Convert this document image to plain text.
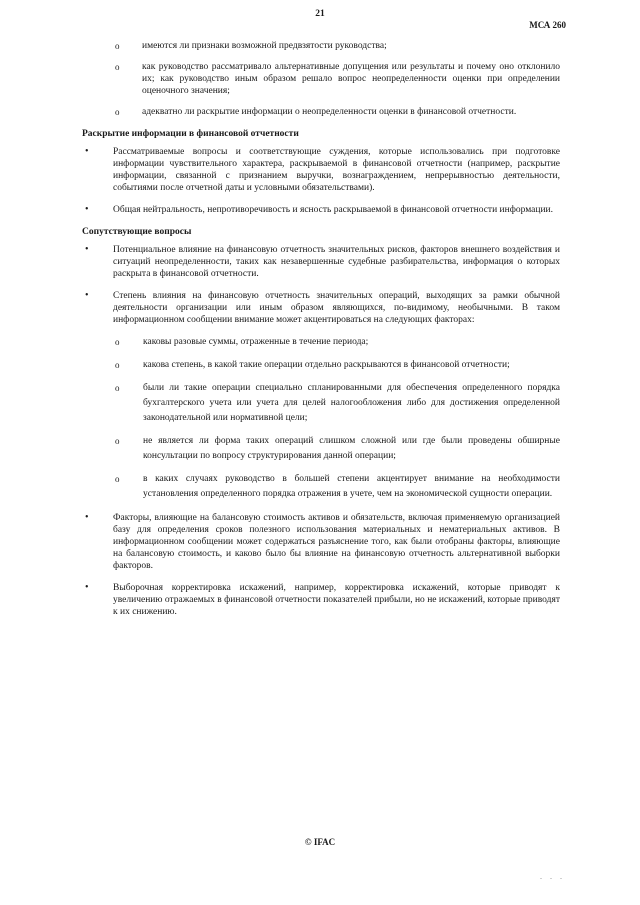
21
МСА 260
o имеются ли признаки возможной предвзятости руководства;
o как руководство рассматривало альтернативные допущения или результаты и почему оно отклонило их; как руководство иным образом решало вопрос неопределенности оценки при определении оценочного значения;
o адекватно ли раскрытие информации о неопределенности оценки в финансовой отчетности.
Раскрытие информации в финансовой отчетности
• Рассматриваемые вопросы и соответствующие суждения, которые использовались при подготовке информации чувствительного характера, раскрываемой в финансовой отчетности (например, раскрытие информации, связанной с признанием выручки, вознаграждением, непрерывностью деятельности, событиями после отчетной даты и условными обязательствами).
• Общая нейтральность, непротиворечивость и ясность раскрываемой в финансовой отчетности информации.
Сопутствующие вопросы
• Потенциальное влияние на финансовую отчетность значительных рисков, факторов внешнего воздействия и ситуаций неопределенности, таких как незавершенные судебные разбирательства, информация о которых раскрыта в финансовой отчетности.

• Степень влияния на финансовую отчетность значительных операций, выходящих за рамки обычной деятельности организации или иным образом являющихся, по-видимому, необычными. В таком информационном сообщении внимание может акцентироваться на следующих факторах:

o каковы разовые суммы, отраженные в течение периода;
o какова степень, в какой такие операции отдельно раскрываются в финансовой отчетности;
o были ли такие операции специально спланированными для обеспечения определенного порядка бухгалтерского учета или учета для целей налогообложения либо для достижения определенной законодательной или нормативной цели;
o не является ли форма таких операций слишком сложной или где были проведены обширные консультации по вопросу структурирования данной операции;
o в каких случаях руководство в большей степени акцентирует внимание на необходимости установления определенного порядка отражения в учете, чем на экономической сущности операции.
• Факторы, влияющие на балансовую стоимость активов и обязательств, включая применяемую организацией базу для определения сроков полезного использования материальных и нематериальных активов. В информационном сообщении может содержаться разъяснение того, как были отобраны факторы, влияющие на балансовую стоимость, и каково было бы влияние на финансовую отчетность альтернативной выборки факторов.
• Выборочная корректировка искажений, например, корректировка искажений, которые приводят к увеличению отражаемых в финансовой отчетности показателей прибыли, но не искажений, которые приводят к их снижению.
© IFAC
. . .
